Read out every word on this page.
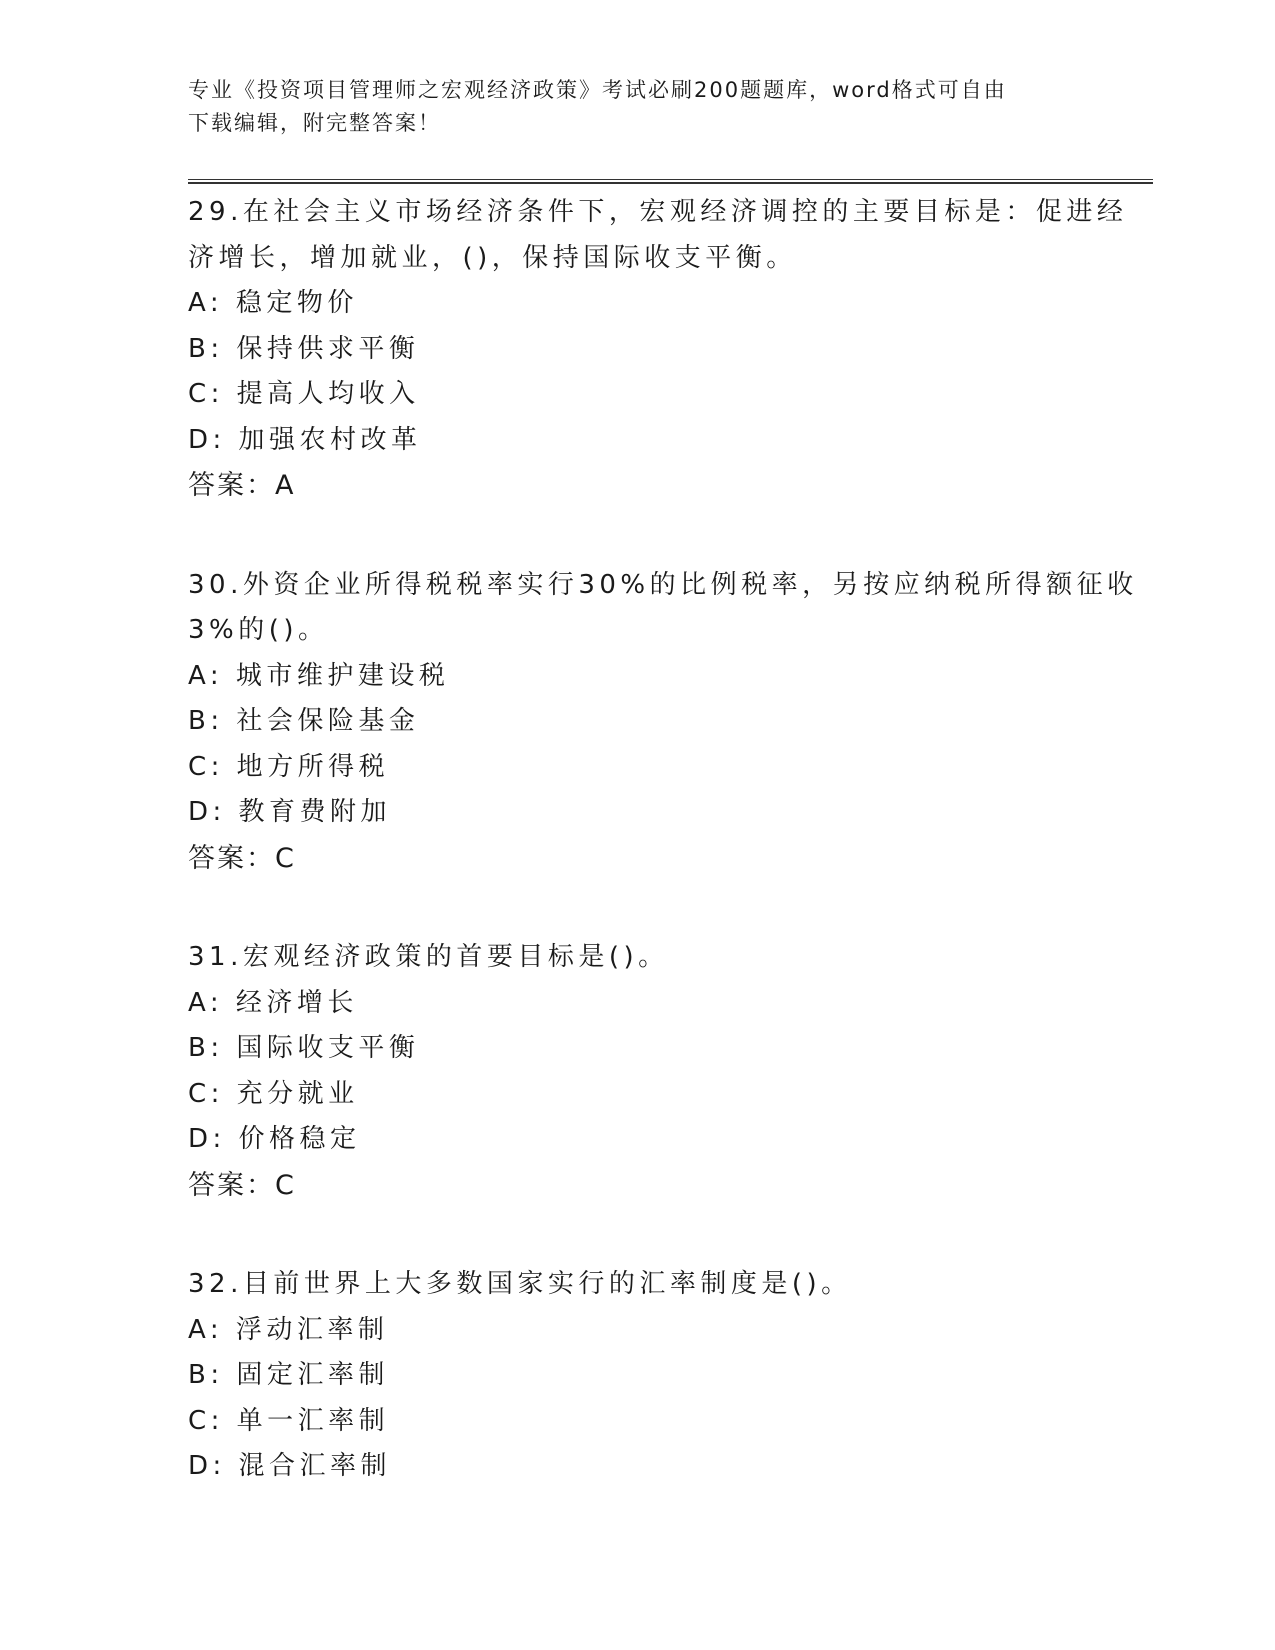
专业《投资项目管理师之宏观经济政策》考试必刷200题题库，word格式可自由
下载编辑，附完整答案！
29.在社会主义市场经济条件下，宏观经济调控的主要目标是：促进经
济增长，增加就业，()，保持国际收支平衡。
A: 稳定物价
B: 保持供求平衡
C: 提高人均收入
D: 加强农村改革
答案：A
30.外资企业所得税税率实行30%的比例税率，另按应纳税所得额征收
3%的()。
A: 城市维护建设税
B: 社会保险基金
C: 地方所得税
D: 教育费附加
答案：C
31.宏观经济政策的首要目标是()。
A: 经济增长
B: 国际收支平衡
C: 充分就业
D: 价格稳定
答案：C
32.目前世界上大多数国家实行的汇率制度是()。
A: 浮动汇率制
B: 固定汇率制
C: 单一汇率制
D: 混合汇率制
